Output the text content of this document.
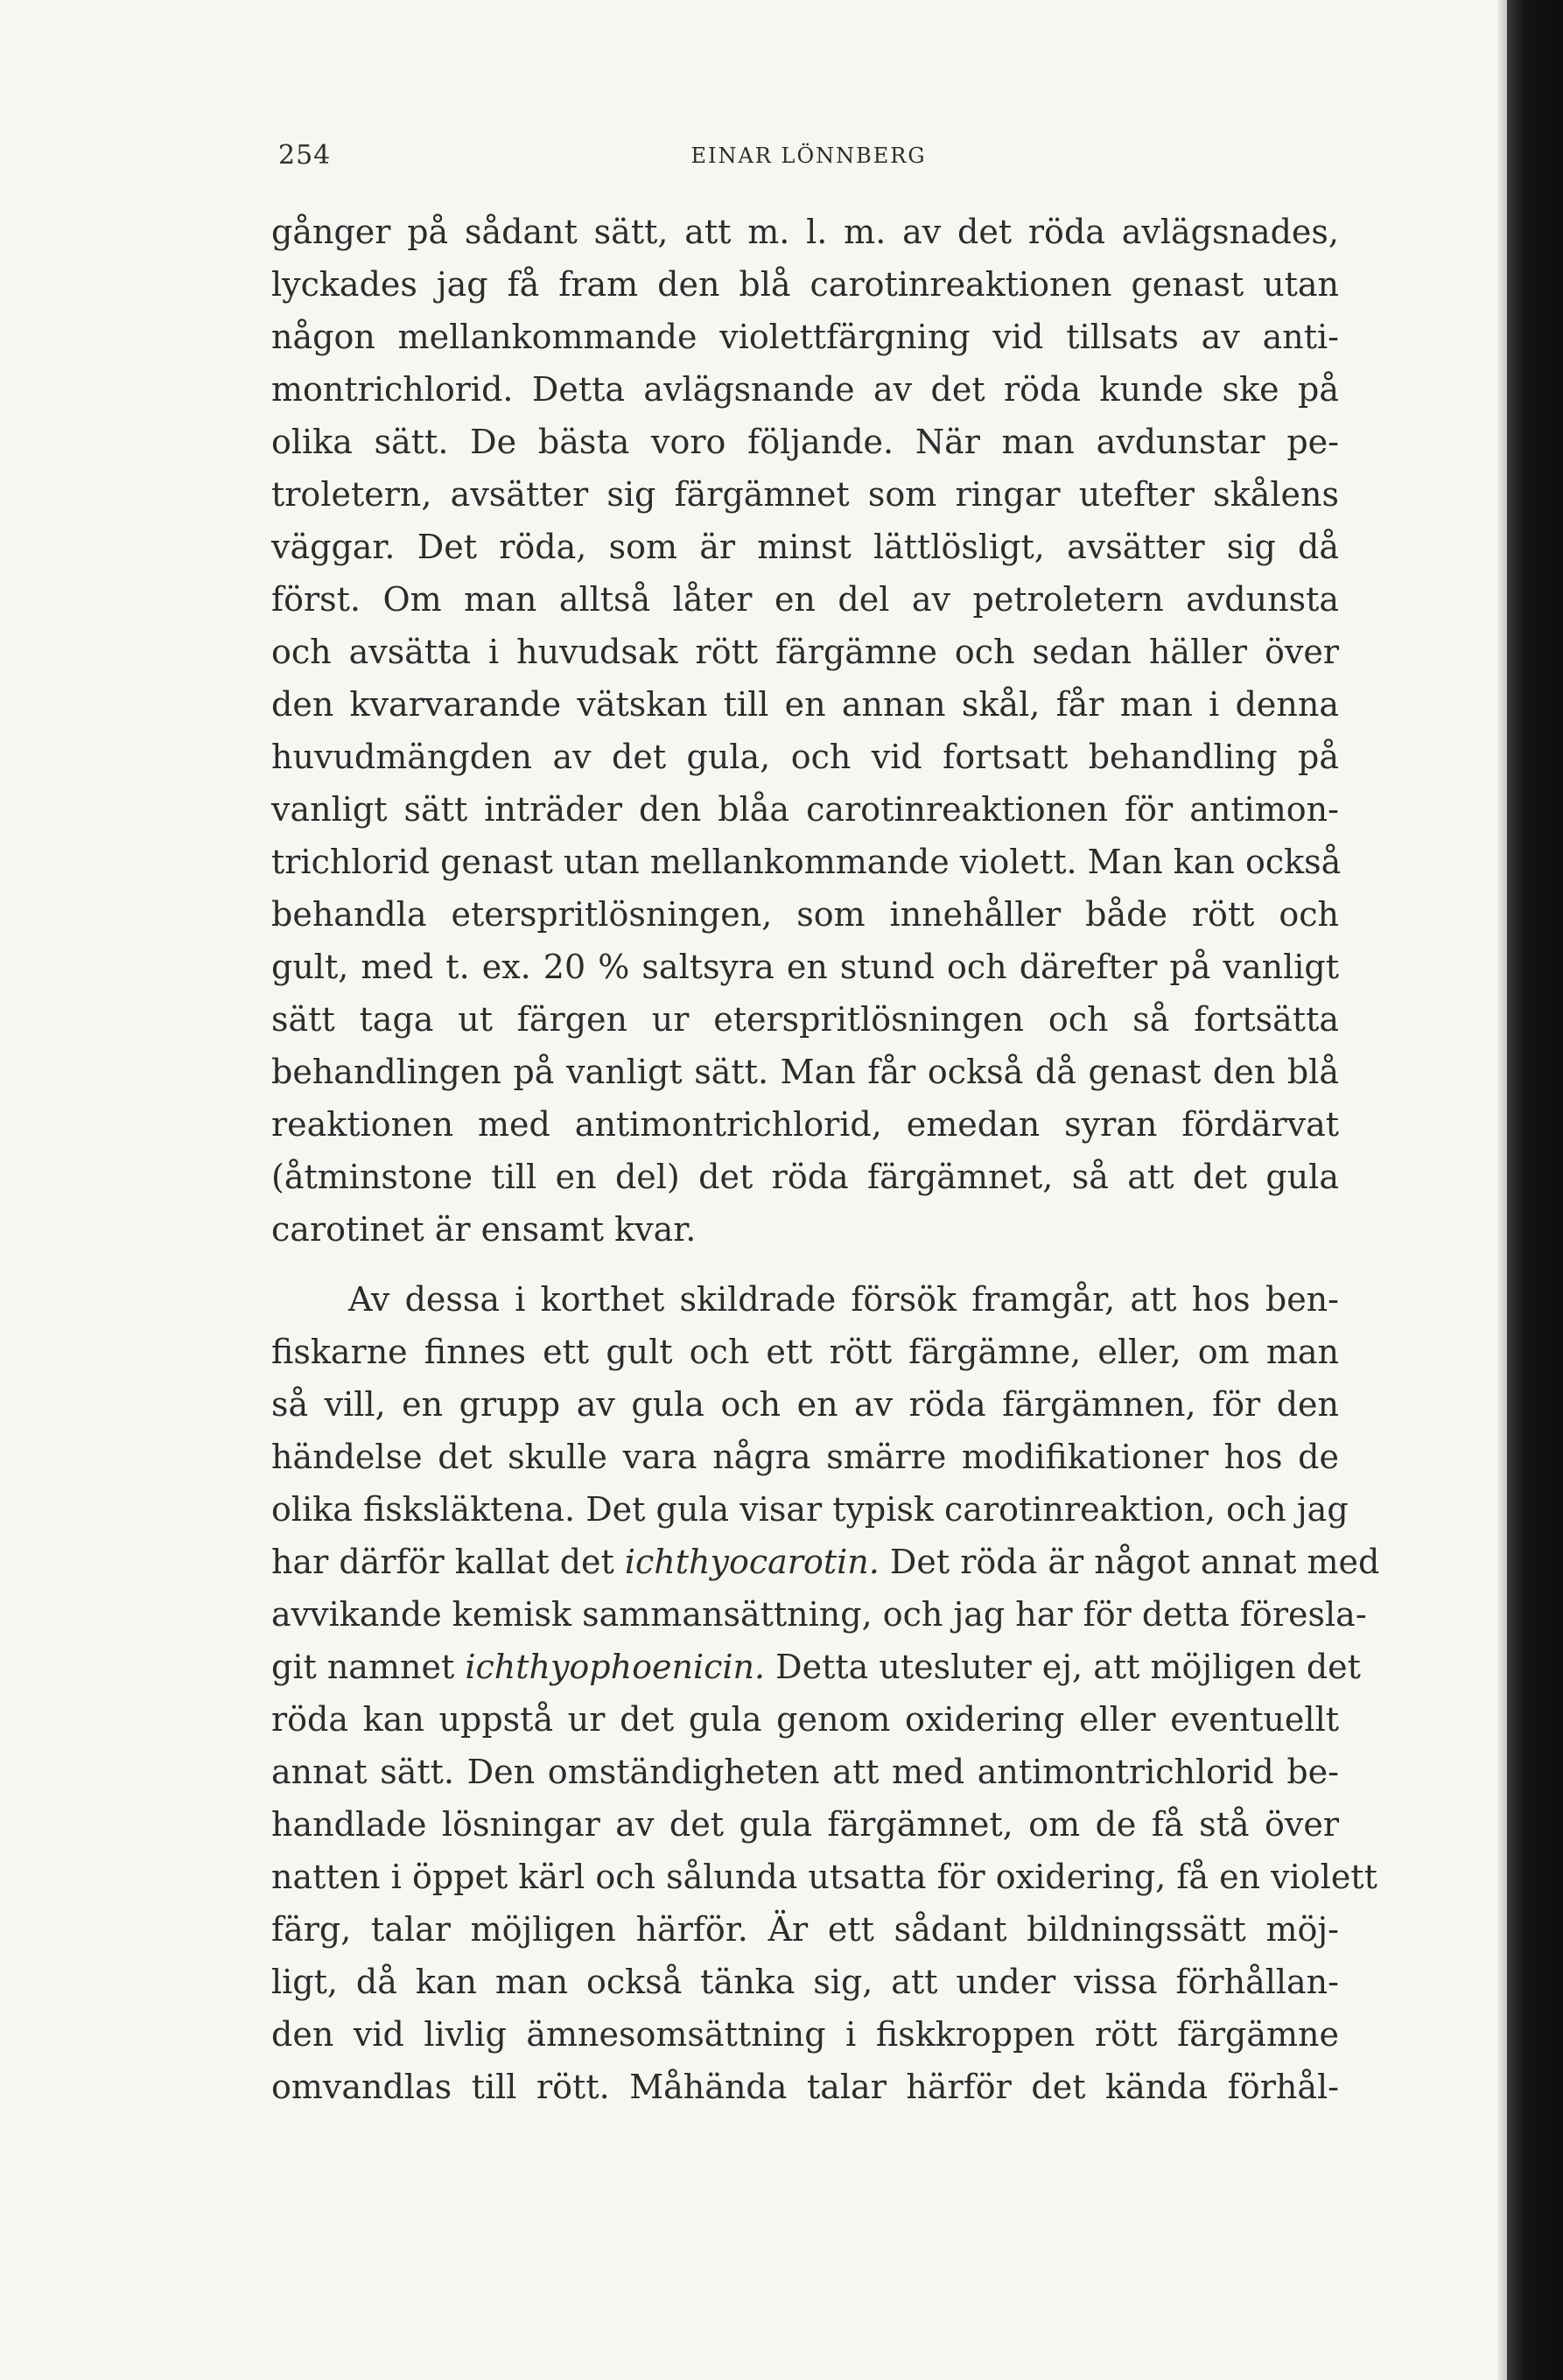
254	EINAR LÖNNBERG
gånger på sådant sätt, att m. l. m. av det röda avlägsnades,
lyckades jag få fram den blå carotinreaktionen genast utan
någon mellankommande violettfärgning vid tillsats av anti-
montrichlorid. Detta avlägsnande av det röda kunde ske på
olika sätt. De bästa voro följande. När man avdunstar pe-
troletern, avsätter sig färgämnet som ringar utefter skålens
väggar. Det röda, som är minst lättlösligt, avsätter sig då
först. Om man alltså låter en del av petroletern avdunsta
och avsätta i huvudsak rött färgämne och sedan häller över
den kvarvarande vätskan till en annan skål, får man i denna
huvudmängden av det gula, och vid fortsatt behandling på
vanligt sätt inträder den blåa carotinreaktionen för antimon-
trichlorid genast utan mellankommande violett. Man kan också
behandla eterspritlösningen, som innehåller både rött och
gult, med t. ex. 20 % saltsyra en stund och därefter på vanligt
sätt taga ut färgen ur eterspritlösningen och så fortsätta
behandlingen på vanligt sätt. Man får också då genast den blå
reaktionen med antimontrichlorid, emedan syran fördärvat
(åtminstone till en del) det röda färgämnet, så att det gula
carotinet är ensamt kvar.
Av dessa i korthet skildrade försök framgår, att hos ben-
fiskarne finnes ett gult och ett rött färgämne, eller, om man
så vill, en grupp av gula och en av röda färgämnen, för den
händelse det skulle vara några smärre modifikationer hos de
olika fisksläktena. Det gula visar typisk carotinreaktion, och jag
har därför kallat det ichthyocarotin. Det röda är något annat med
avvikande kemisk sammansättning, och jag har för detta föresla-
git namnet ichthyophoenicin. Detta utesluter ej, att möjligen det
röda kan uppstå ur det gula genom oxidering eller eventuellt
annat sätt. Den omständigheten att med antimontrichlorid be-
handlade lösningar av det gula färgämnet, om de få stå över
natten i öppet kärl och sålunda utsatta för oxidering, få en violett
färg, talar möjligen härför. Är ett sådant bildningssätt möj-
ligt, då kan man också tänka sig, att under vissa förhållan-
den vid livlig ämnesomsättning i fiskkroppen rött färgämne
omvandlas till rött. Måhända talar härför det kända förhål-
